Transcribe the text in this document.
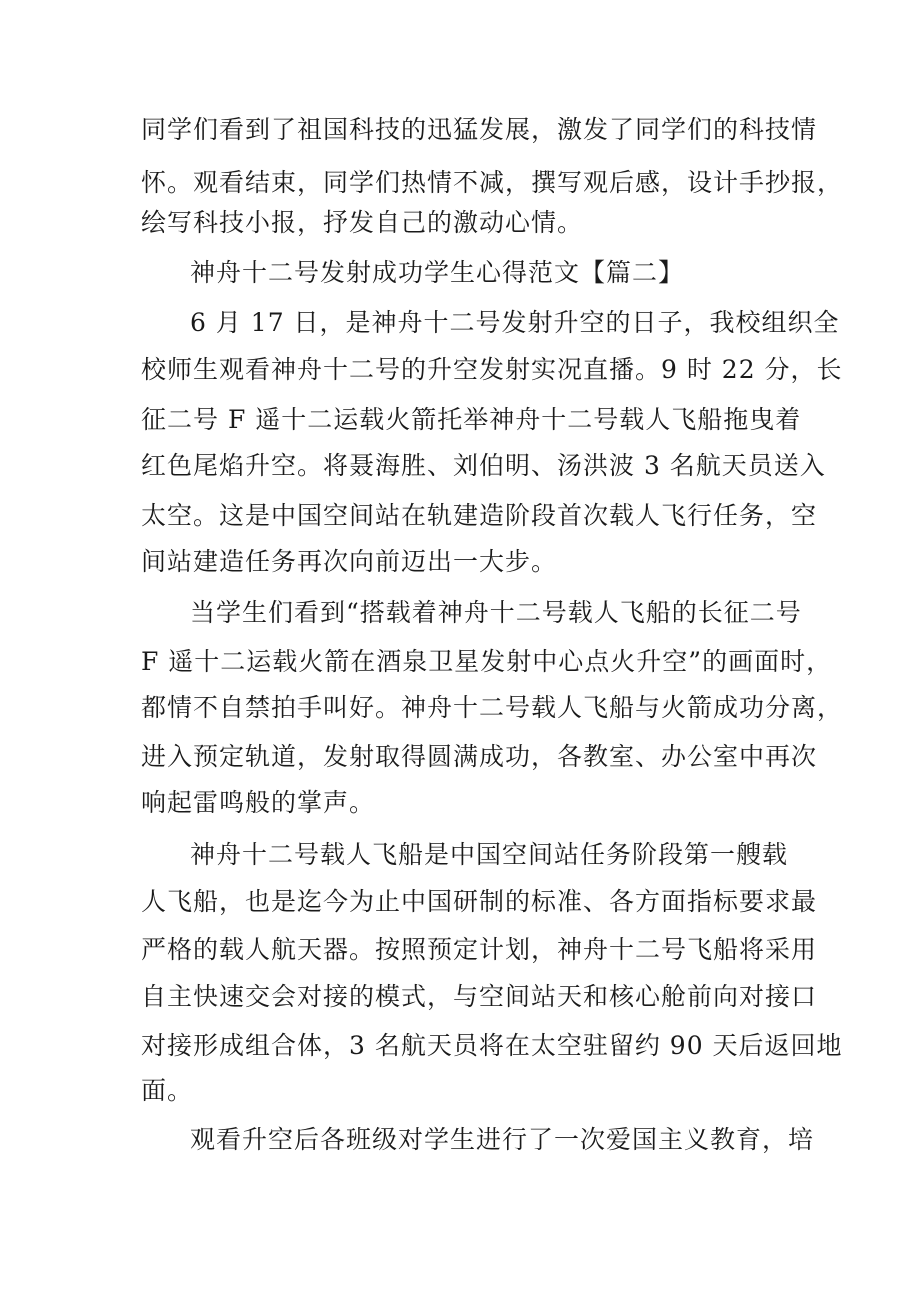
同学们看到了祖国科技的迅猛发展，激发了同学们的科技情
怀。观看结束，同学们热情不减，撰写观后感，设计手抄报，
绘写科技小报，抒发自己的激动心情。
神舟十二号发射成功学生心得范文【篇二】
6 月 17 日，是神舟十二号发射升空的日子，我校组织全
校师生观看神舟十二号的升空发射实况直播。9 时 22 分，长
征二号 F 遥十二运载火箭托举神舟十二号载人飞船拖曳着
红色尾焰升空。将聂海胜、刘伯明、汤洪波 3 名航天员送入
太空。这是中国空间站在轨建造阶段首次载人飞行任务，空
间站建造任务再次向前迈出一大步。
当学生们看到“搭载着神舟十二号载人飞船的长征二号
F 遥十二运载火箭在酒泉卫星发射中心点火升空”的画面时，
都情不自禁拍手叫好。神舟十二号载人飞船与火箭成功分离，
进入预定轨道，发射取得圆满成功，各教室、办公室中再次
响起雷鸣般的掌声。
神舟十二号载人飞船是中国空间站任务阶段第一艘载
人飞船，也是迄今为止中国研制的标准、各方面指标要求最
严格的载人航天器。按照预定计划，神舟十二号飞船将采用
自主快速交会对接的模式，与空间站天和核心舱前向对接口
对接形成组合体，3 名航天员将在太空驻留约 90 天后返回地
面。
观看升空后各班级对学生进行了一次爱国主义教育，培
